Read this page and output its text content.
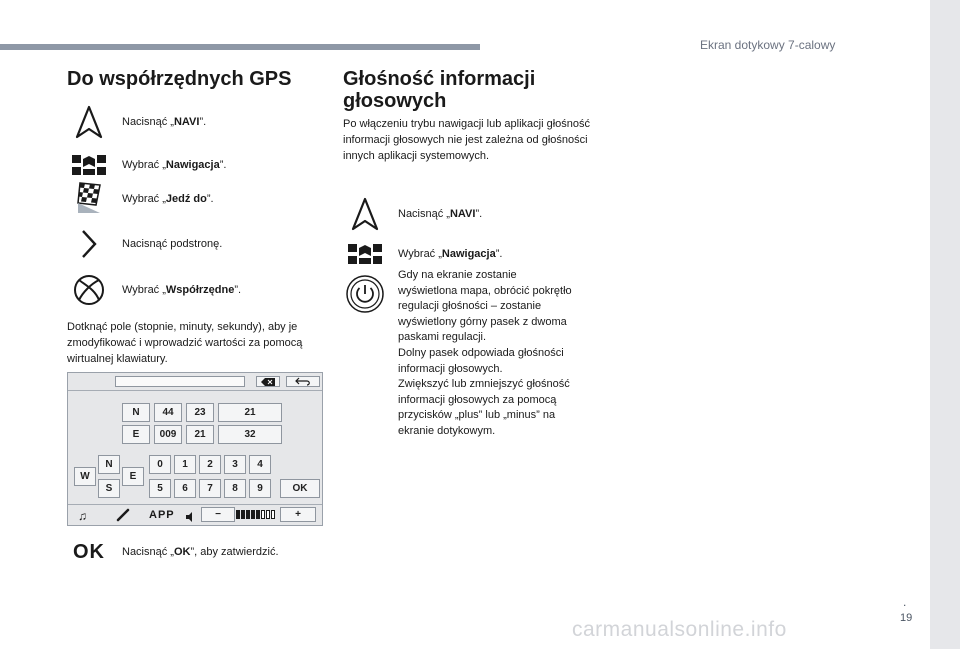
Ekran dotykowy 7-calowy
.
19
carmanualsonline.info
Do współrzędnych GPS
Nacisnąć „NAVI”.
Wybrać „Nawigacja”.
Wybrać „Jedź do”.
Nacisnąć podstronę.
Wybrać „Współrzędne”.
Dotknąć pole (stopnie, minuty, sekundy), aby je zmodyfikować i wprowadzić wartości za pomocą wirtualnej klawiatury.
N	44	23	21
E	009	21	32
N
W	E
S
0	1	2	3	4
5	6	7	8	9	OK
♫	APP	−	+
OK Nacisnąć „OK”, aby zatwierdzić.
Głośność informacji głosowych
Po włączeniu trybu nawigacji lub aplikacji głośność informacji głosowych nie jest zależna od głośności innych aplikacji systemowych.
Nacisnąć „NAVI”.
Wybrać „Nawigacja”.
Gdy na ekranie zostanie
wyświetlona mapa, obrócić pokrętło
regulacji głośności – zostanie
wyświetlony górny pasek z dwoma
paskami regulacji.
Dolny pasek odpowiada głośności
informacji głosowych.
Zwiększyć lub zmniejszyć głośność
informacji głosowych za pomocą
przycisków „plus” lub „minus” na
ekranie dotykowym.
